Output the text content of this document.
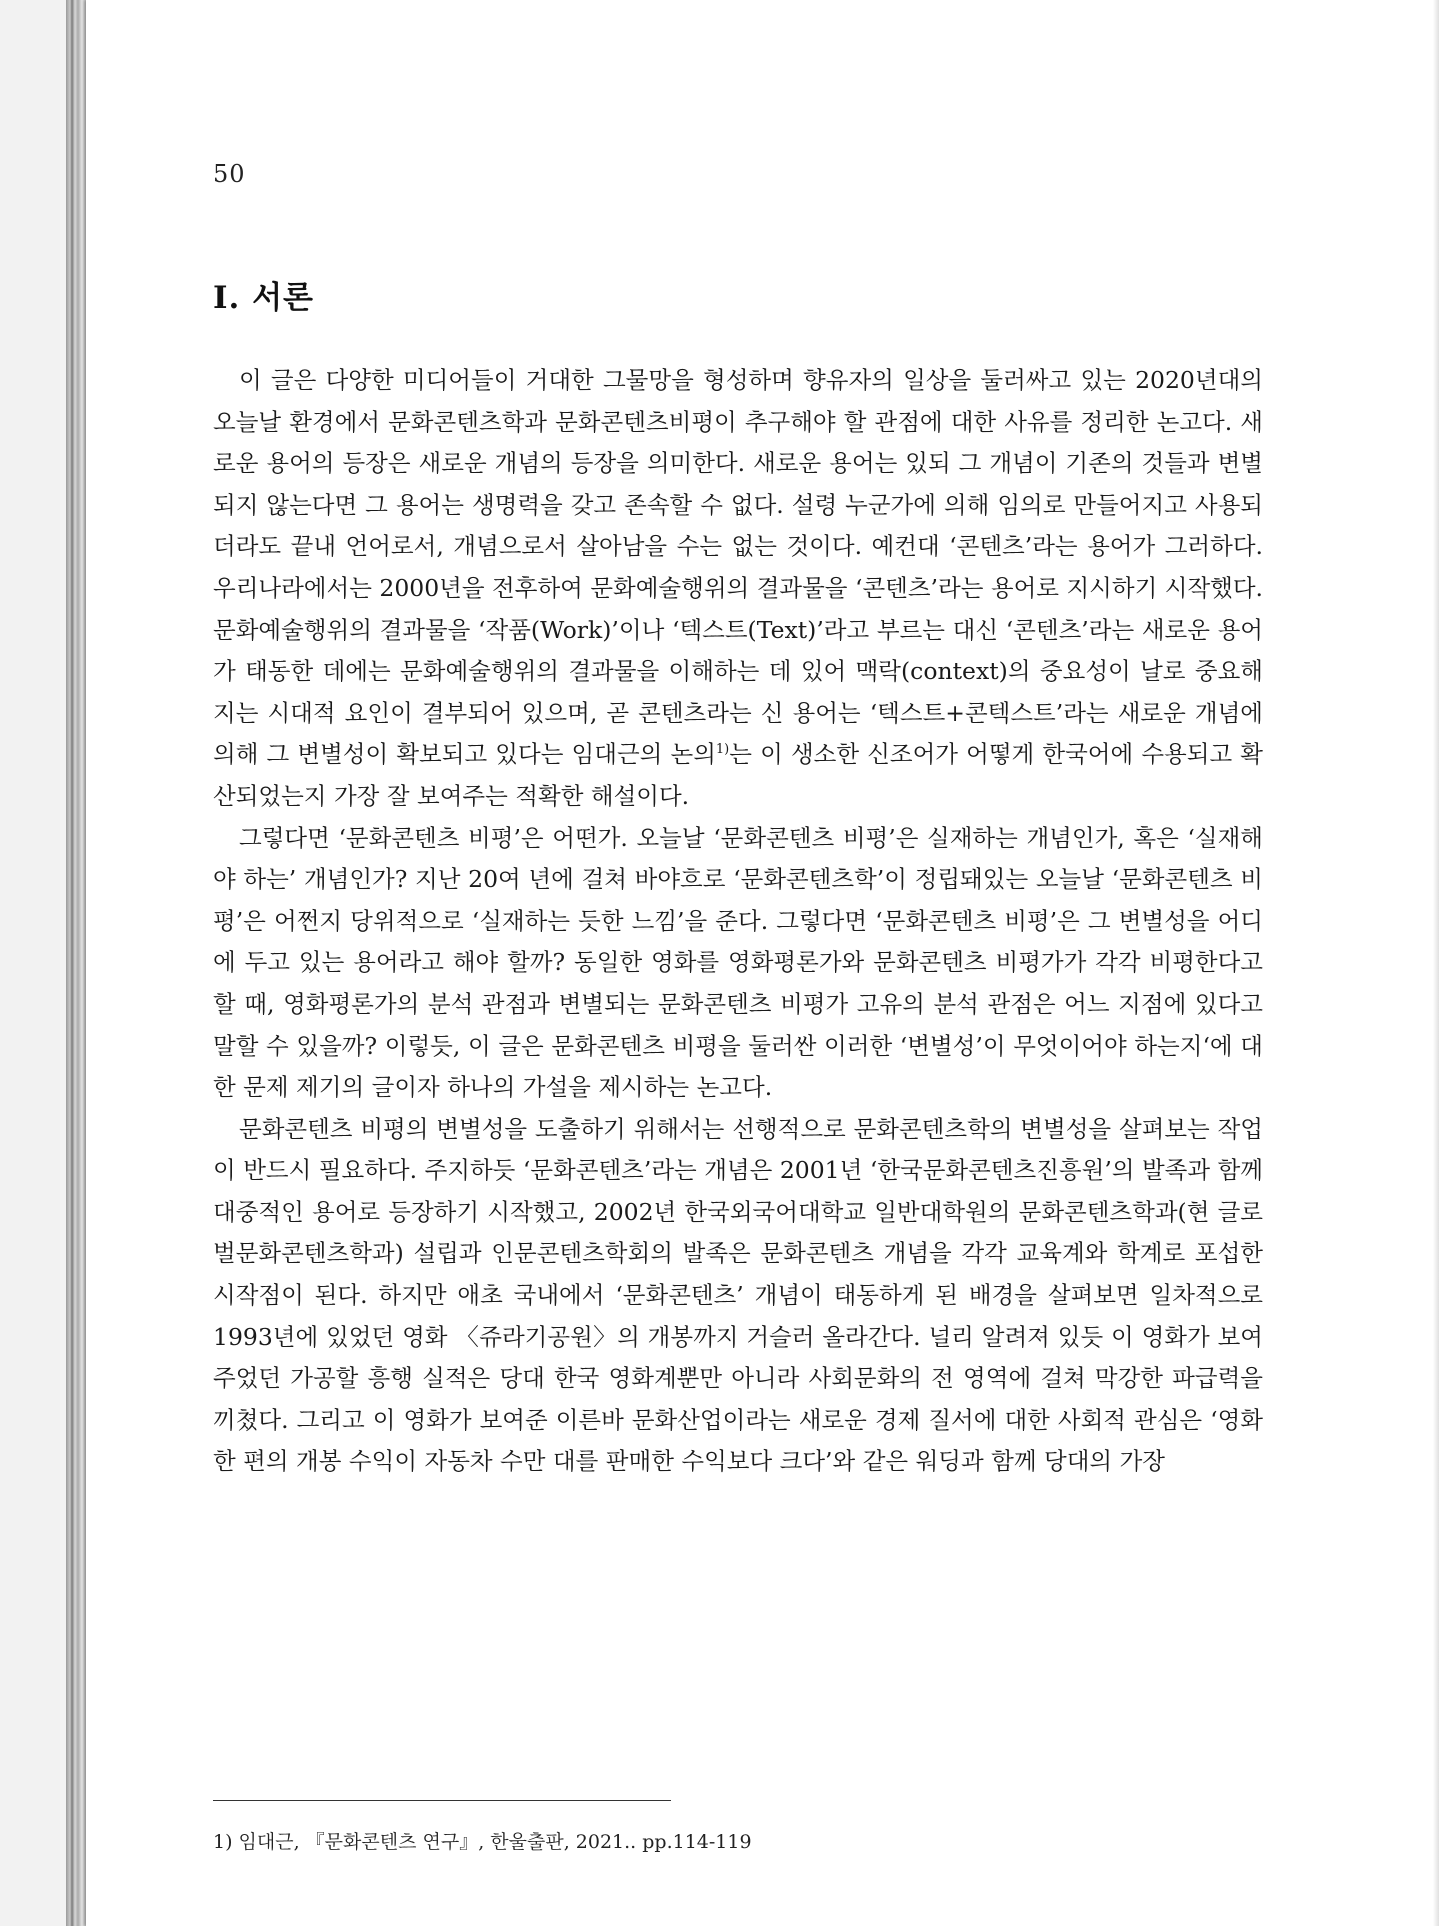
50
Ⅰ. 서론

이 글은 다양한 미디어들이 거대한 그물망을 형성하며 향유자의 일상을 둘러싸고 있는 2020년대의 오늘날 환경에서 문화콘텐츠학과 문화콘텐츠비평이 추구해야 할 관점에 대한 사유를 정리한 논고다. 새로운 용어의 등장은 새로운 개념의 등장을 의미한다. 새로운 용어는 있되 그 개념이 기존의 것들과 변별되지 않는다면 그 용어는 생명력을 갖고 존속할 수 없다. 설령 누군가에 의해 임의로 만들어지고 사용되더라도 끝내 언어로서, 개념으로서 살아남을 수는 없는 것이다. 예컨대 ‘콘텐츠’라는 용어가 그러하다. 우리나라에서는 2000년을 전후하여 문화예술행위의 결과물을 ‘콘텐츠’라는 용어로 지시하기 시작했다. 문화예술행위의 결과물을 ‘작품(Work)’이나 ‘텍스트(Text)’라고 부르는 대신 ‘콘텐츠’라는 새로운 용어가 태동한 데에는 문화예술행위의 결과물을 이해하는 데 있어 맥락(context)의 중요성이 날로 중요해지는 시대적 요인이 결부되어 있으며, 곧 콘텐츠라는 신 용어는 ‘텍스트+콘텍스트’라는 새로운 개념에 의해 그 변별성이 확보되고 있다는 임대근의 논의$^{1)}$는 이 생소한 신조어가 어떻게 한국어에 수용되고 확산되었는지 가장 잘 보여주는 적확한 해설이다.

그렇다면 ‘문화콘텐츠 비평’은 어떤가. 오늘날 ‘문화콘텐츠 비평’은 실재하는 개념인가, 혹은 ‘실재해야 하는’ 개념인가? 지난 20여 년에 걸쳐 바야흐로 ‘문화콘텐츠학’이 정립돼있는 오늘날 ‘문화콘텐츠 비평’은 어쩐지 당위적으로 ‘실재하는 듯한 느낌’을 준다. 그렇다면 ‘문화콘텐츠 비평’은 그 변별성을 어디에 두고 있는 용어라고 해야 할까? 동일한 영화를 영화평론가와 문화콘텐츠 비평가가 각각 비평한다고 할 때, 영화평론가의 분석 관점과 변별되는 문화콘텐츠 비평가 고유의 분석 관점은 어느 지점에 있다고 말할 수 있을까? 이렇듯, 이 글은 문화콘텐츠 비평을 둘러싼 이러한 ‘변별성’이 무엇이어야 하는지‘에 대한 문제 제기의 글이자 하나의 가설을 제시하는 논고다.

문화콘텐츠 비평의 변별성을 도출하기 위해서는 선행적으로 문화콘텐츠학의 변별성을 살펴보는 작업이 반드시 필요하다. 주지하듯 ‘문화콘텐츠’라는 개념은 2001년 ‘한국문화콘텐츠진흥원’의 발족과 함께 대중적인 용어로 등장하기 시작했고, 2002년 한국외국어대학교 일반대학원의 문화콘텐츠학과(현 글로벌문화콘텐츠학과) 설립과 인문콘텐츠학회의 발족은 문화콘텐츠 개념을 각각 교육계와 학계로 포섭한 시작점이 된다. 하지만 애초 국내에서 ‘문화콘텐츠’ 개념이 태동하게 된 배경을 살펴보면 일차적으로 1993년에 있었던 영화 〈쥬라기공원〉의 개봉까지 거슬러 올라간다. 널리 알려져 있듯 이 영화가 보여주었던 가공할 흥행 실적은 당대 한국 영화계뿐만 아니라 사회문화의 전 영역에 걸쳐 막강한 파급력을 끼쳤다. 그리고 이 영화가 보여준 이른바 문화산업이라는 새로운 경제 질서에 대한 사회적 관심은 ‘영화 한 편의 개봉 수익이 자동차 수만 대를 판매한 수익보다 크다’와 같은 워딩과 함께 당대의 가장

1) 임대근, 『문화콘텐츠 연구』, 한울출판, 2021.. pp.114-119
